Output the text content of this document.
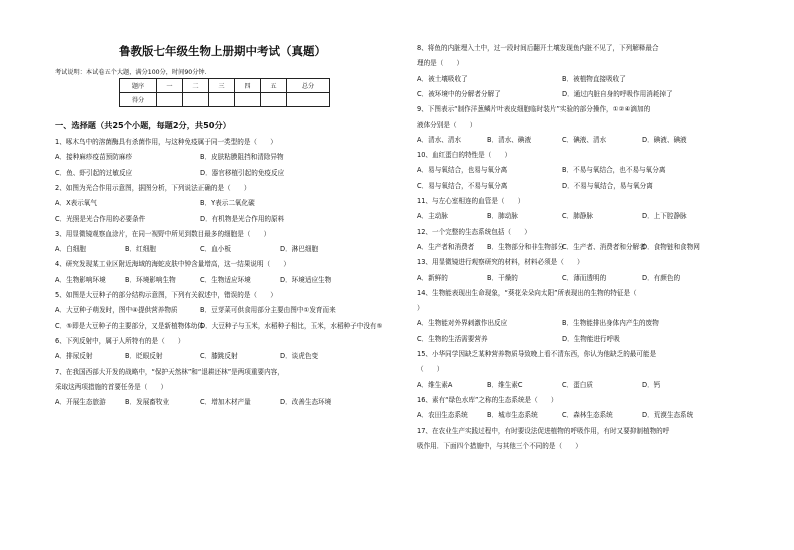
鲁教版七年级生物上册期中考试（真题）
考试说明：本试卷五个大题，满分100分，时间90分钟.
题序	一	二	三	四	五	总分
得分						
一、选择题（共25个小题，每题2分，共50分）
1、啄木鸟中的溶菌酶具有杀菌作用，与这种免疫属于同一类型的是（　　）
A．接种麻疹疫苗预防麻疹	B．皮肤粘膜阻挡和清除异物
C．鱼、虾引起的过敏反应	D．器官移植引起的免疫反应
2、如图为光合作用示意图，据图分析，下列说法正确的是（　　）
A．X表示氧气	B．Y表示二氧化碳
C．光照是光合作用的必要条件	D．有机物是光合作用的原料
3、用显微镜观察血涂片，在同一视野中所见到数目最多的细胞是（　　）
A．白细胞	B．红细胞	C．血小板	D．淋巴细胞
4、研究发现某工业区附近海域的海蛇皮肤中钟含量增高，这一结果说明（　　）
A．生物影响环境	B．环境影响生物	C．生物适应环境	D．环境适应生物
5、如图是大豆种子的部分结构示意图，下列有关叙述中，错误的是（　　）
A．大豆种子萌发时，图中④提供营养物质	B．豆芽菜可供食用部分主要由图中①发育而来
C．⑤即是大豆种子的主要部分，又是新植物体幼体
D．大豆种子与玉米，水稻种子相比，玉米，水稻种子中没有⑤
6、下列反射中，属于人所特有的是（　　）
A．排尿反射	B．眨眼反射	C．膝跳反射	D．谈虎色变
7、在我国西部大开发的战略中，“保护天然林”和“退耕还林”是两项重要内容，
采取这两项措施的首要任务是（　　）
A．开展生态旅游	B．发展畜牧业	C．增加木材产量	D．改善生态环境
8、将鱼的内脏埋入土中，过一段时间后翻开土壤发现鱼内脏不见了，下列解释最合
理的是（　　）
A．被土壤吸收了	B．被植物直接吸收了
C．被环境中的分解者分解了	D．通过内脏自身的呼吸作用消耗掉了
9、下图表示“制作洋葱鳞片叶表皮细胞临时装片”实验的部分操作，①②④滴加的
液体分别是（　　）
A．清水、清水	B．清水、碘液	C．碘液、清水	D．碘液、碘液
10、血红蛋白的特性是（　　）
A．易与氧结合，也易与氧分离	B．不易与氧结合，也不易与氧分离
C．易与氧结合，不易与氧分离	D．不易与氧结合，易与氧分离
11、与左心室相连的血管是（　　）
A．主动脉	B．肺动脉	C．肺静脉	D．上下腔静脉
12、一个完整的生态系统包括（　　）
A．生产者和消费者 B．生物部分和非生物部分
C．生产者、消费者和分解者
D．食物链和食物网
13、用显微镜进行观察研究的材料，材料必须是（　　）
A．新鲜的	B．干燥的	C．薄而透明的	D．有颜色的
14、生物能表现出生命现象，“葵花朵朵向太阳”所表现出的生物的特征是（
）
A．生物能对外界刺激作出反应	B．生物能排出身体内产生的废物
C．生物的生活需要营养	D．生物能进行呼吸
15、小华同学因缺乏某种营养物质导致晚上看不清东西，你认为他缺乏的最可能是
（　　）
A．维生素A	B．维生素C	C．蛋白质	D．钙
16、素有“绿色水库”之称的生态系统是（　　）
A．农田生态系统	B．城市生态系统	C．森林生态系统	D．荒漠生态系统
17、在农业生产实践过程中，有时要设法促进植物的呼吸作用，有时又要抑制植物的呼
吸作用．下面四个措施中，与其他三个不同的是（　　）
